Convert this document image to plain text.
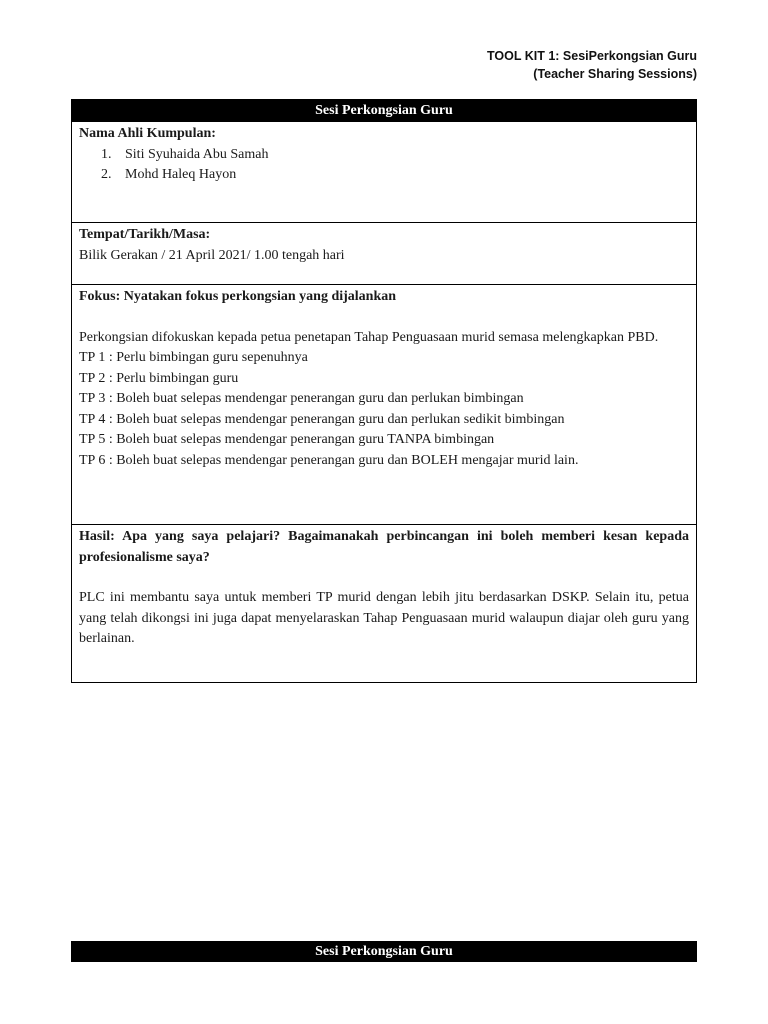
TOOL KIT 1: SesiPerkongsian Guru
(Teacher Sharing Sessions)
Sesi Perkongsian Guru
Nama Ahli Kumpulan:
1. Siti Syuhaida Abu Samah
2. Mohd Haleq Hayon
Tempat/Tarikh/Masa:
Bilik Gerakan / 21 April 2021/ 1.00 tengah hari
Fokus: Nyatakan fokus perkongsian yang dijalankan
Perkongsian difokuskan kepada petua penetapan Tahap Penguasaan murid semasa melengkapkan PBD.
TP 1 : Perlu bimbingan guru sepenuhnya
TP 2 : Perlu bimbingan guru
TP 3 : Boleh buat selepas mendengar penerangan guru dan perlukan bimbingan
TP 4 : Boleh buat selepas mendengar penerangan guru dan perlukan sedikit bimbingan
TP 5 : Boleh buat selepas mendengar penerangan guru TANPA bimbingan
TP 6 : Boleh buat selepas mendengar penerangan guru dan BOLEH mengajar murid lain.
Hasil: Apa yang saya pelajari? Bagaimanakah perbincangan ini boleh memberi kesan kepada profesionalisme saya?
PLC ini membantu saya untuk memberi TP murid dengan lebih jitu berdasarkan DSKP. Selain itu, petua yang telah dikongsi ini juga dapat menyelaraskan Tahap Penguasaan murid walaupun diajar oleh guru yang berlainan.
Sesi Perkongsian Guru
